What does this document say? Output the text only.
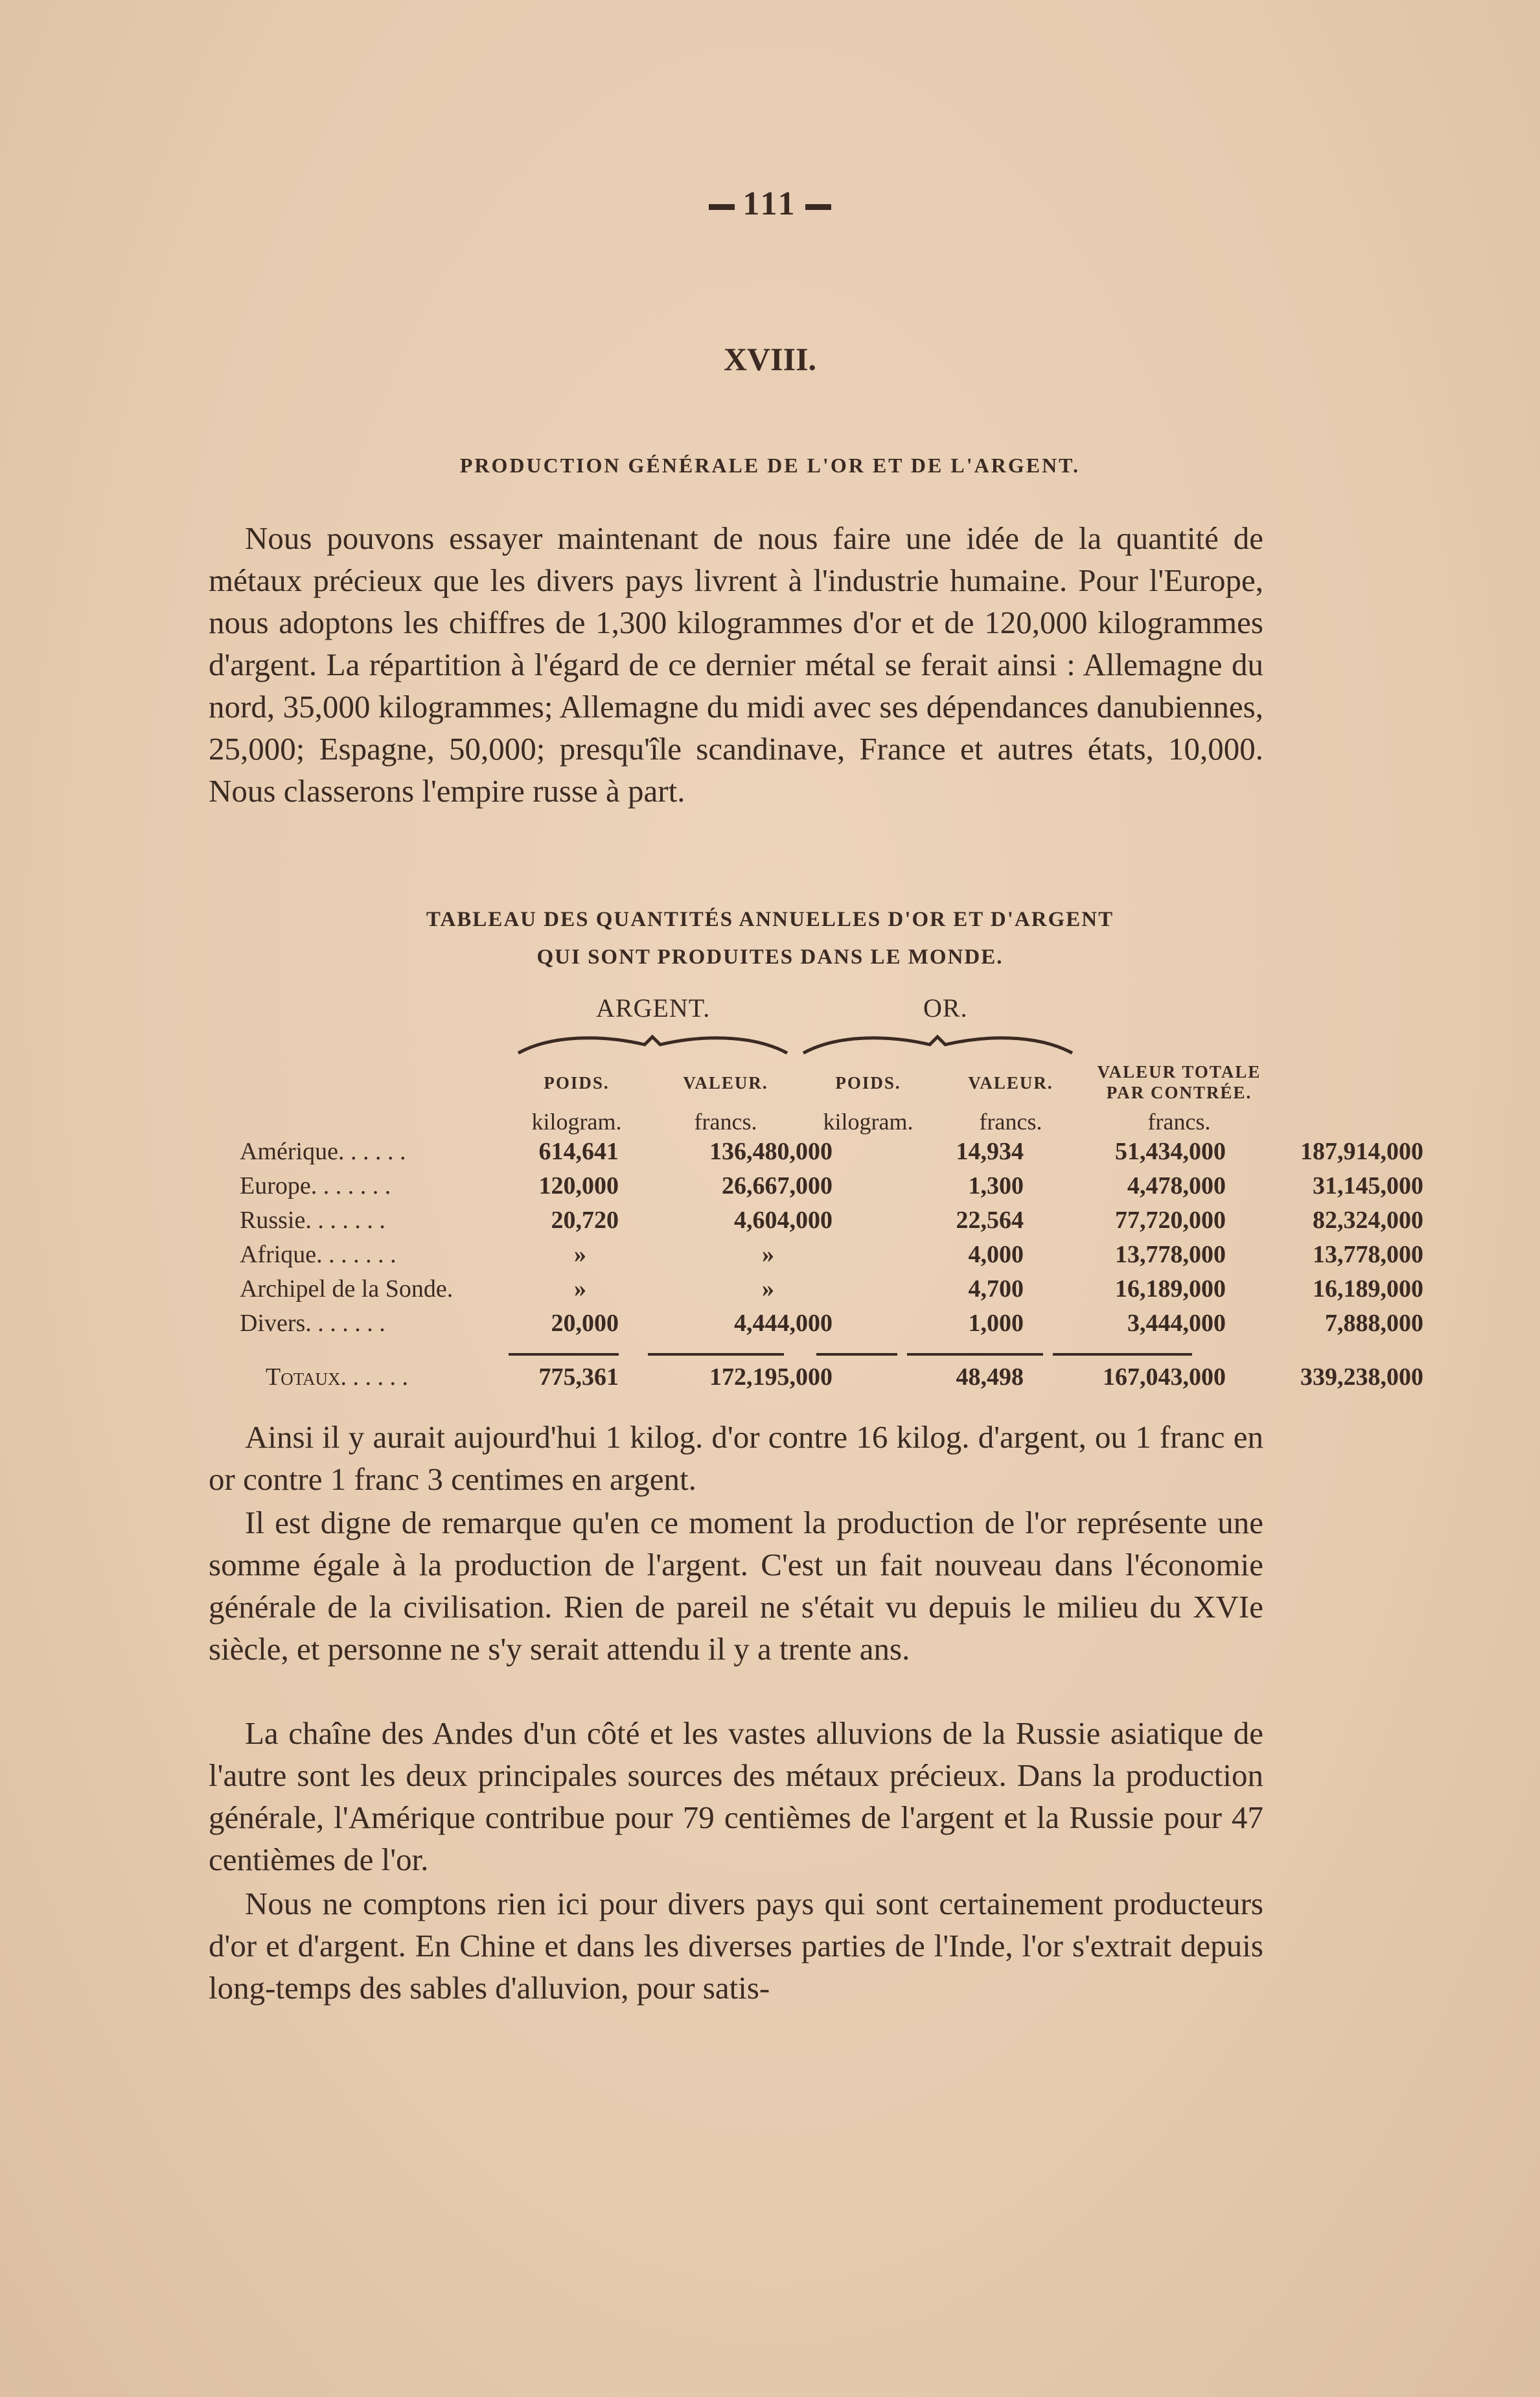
111
XVIII.
PRODUCTION GÉNÉRALE DE L'OR ET DE L'ARGENT.

Nous pouvons essayer maintenant de nous faire une idée de la quantité de métaux précieux que les divers pays livrent à l'industrie humaine. Pour l'Europe, nous adoptons les chiffres de 1,300 kilogrammes d'or et de 120,000 kilogrammes d'argent. La répartition à l'égard de ce dernier métal se ferait ainsi : Allemagne du nord, 35,000 kilogrammes; Allemagne du midi avec ses dépendances danubiennes, 25,000; Espagne, 50,000; presqu'île scandinave, France et autres états, 10,000. Nous classerons l'empire russe à part.

TABLEAU DES QUANTITÉS ANNUELLES D'OR ET D'ARGENT
QUI SONT PRODUITES DANS LE MONDE.
ARGENT.	OR.
POIDS.	VALEUR.	POIDS.	VALEUR.
VALEUR TOTALE PAR CONTRÉE.
kilogram.	francs.	kilogram.	francs.	francs.
Amérique. . . . . .	614,641	136,480,000	14,934	51,434,000	187,914,000
Europe. . . . . . .	120,000	26,667,000	1,300	4,478,000	31,145,000
Russie. . . . . . .	20,720	4,604,000	22,564	77,720,000	82,324,000
Afrique. . . . . . .	»	»	4,000	13,778,000	13,778,000
Archipel de la Sonde.	»	»	4,700	16,189,000	16,189,000
Divers. . . . . . .	20,000	4,444,000	1,000	3,444,000	7,888,000
Totaux. . . . . .	775,361	172,195,000	48,498	167,043,000	339,238,000

Ainsi il y aurait aujourd'hui 1 kilog. d'or contre 16 kilog. d'argent, ou 1 franc en or contre 1 franc 3 centimes en argent.

Il est digne de remarque qu'en ce moment la production de l'or représente une somme égale à la production de l'argent. C'est un fait nouveau dans l'économie générale de la civilisation. Rien de pareil ne s'était vu depuis le milieu du XVIe siècle, et personne ne s'y serait attendu il y a trente ans.

La chaîne des Andes d'un côté et les vastes alluvions de la Russie asiatique de l'autre sont les deux principales sources des métaux précieux. Dans la production générale, l'Amérique contribue pour 79 centièmes de l'argent et la Russie pour 47 centièmes de l'or.

Nous ne comptons rien ici pour divers pays qui sont certainement producteurs d'or et d'argent. En Chine et dans les diverses parties de l'Inde, l'or s'extrait depuis long-temps des sables d'alluvion, pour satis-
